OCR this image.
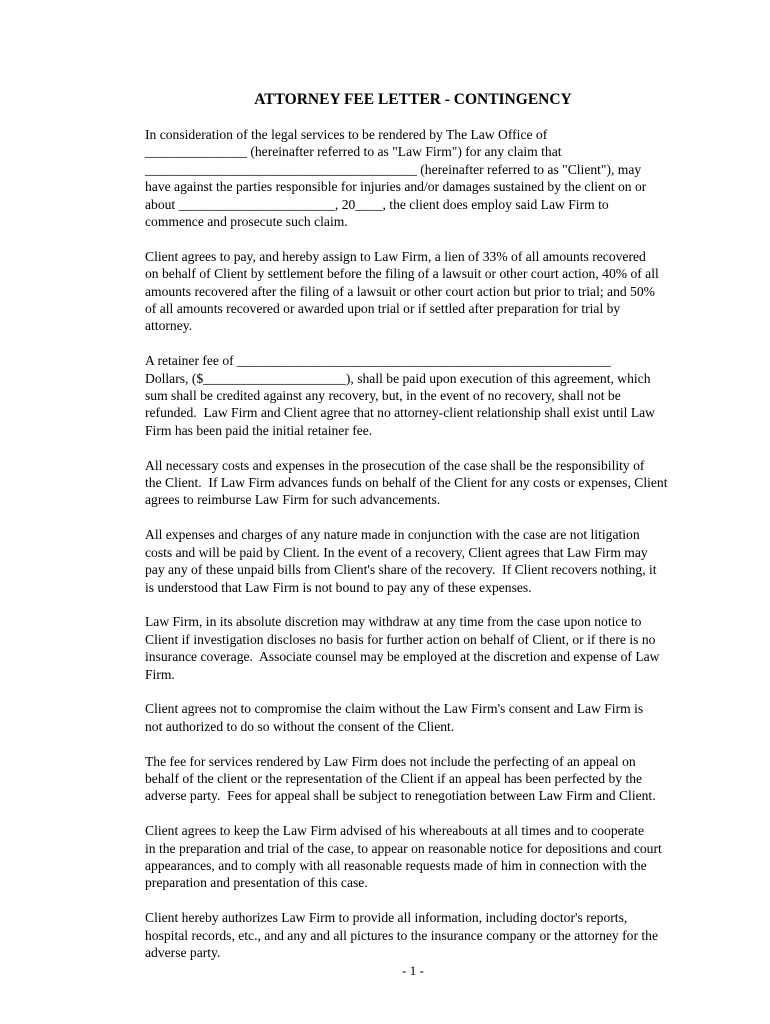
ATTORNEY FEE LETTER - CONTINGENCY

In consideration of the legal services to be rendered by The Law Office of
_______________ (hereinafter referred to as "Law Firm") for any claim that
________________________________________ (hereinafter referred to as "Client"), may
have against the parties responsible for injuries and/or damages sustained by the client on or
about _______________________, 20____, the client does employ said Law Firm to
commence and prosecute such claim.

Client agrees to pay, and hereby assign to Law Firm, a lien of 33% of all amounts recovered
on behalf of Client by settlement before the filing of a lawsuit or other court action, 40% of all
amounts recovered after the filing of a lawsuit or other court action but prior to trial; and 50%
of all amounts recovered or awarded upon trial or if settled after preparation for trial by
attorney.

A retainer fee of _______________________________________________________
Dollars, ($_____________________), shall be paid upon execution of this agreement, which
sum shall be credited against any recovery, but, in the event of no recovery, shall not be
refunded.  Law Firm and Client agree that no attorney-client relationship shall exist until Law
Firm has been paid the initial retainer fee.

All necessary costs and expenses in the prosecution of the case shall be the responsibility of
the Client.  If Law Firm advances funds on behalf of the Client for any costs or expenses, Client
agrees to reimburse Law Firm for such advancements.

All expenses and charges of any nature made in conjunction with the case are not litigation
costs and will be paid by Client. In the event of a recovery, Client agrees that Law Firm may
pay any of these unpaid bills from Client's share of the recovery.  If Client recovers nothing, it
is understood that Law Firm is not bound to pay any of these expenses.

Law Firm, in its absolute discretion may withdraw at any time from the case upon notice to
Client if investigation discloses no basis for further action on behalf of Client, or if there is no
insurance coverage.  Associate counsel may be employed at the discretion and expense of Law
Firm.

Client agrees not to compromise the claim without the Law Firm's consent and Law Firm is
not authorized to do so without the consent of the Client.

The fee for services rendered by Law Firm does not include the perfecting of an appeal on
behalf of the client or the representation of the Client if an appeal has been perfected by the
adverse party.  Fees for appeal shall be subject to renegotiation between Law Firm and Client.

Client agrees to keep the Law Firm advised of his whereabouts at all times and to cooperate
in the preparation and trial of the case, to appear on reasonable notice for depositions and court
appearances, and to comply with all reasonable requests made of him in connection with the
preparation and presentation of this case.

Client hereby authorizes Law Firm to provide all information, including doctor's reports,
hospital records, etc., and any and all pictures to the insurance company or the attorney for the
adverse party.

- 1 -
